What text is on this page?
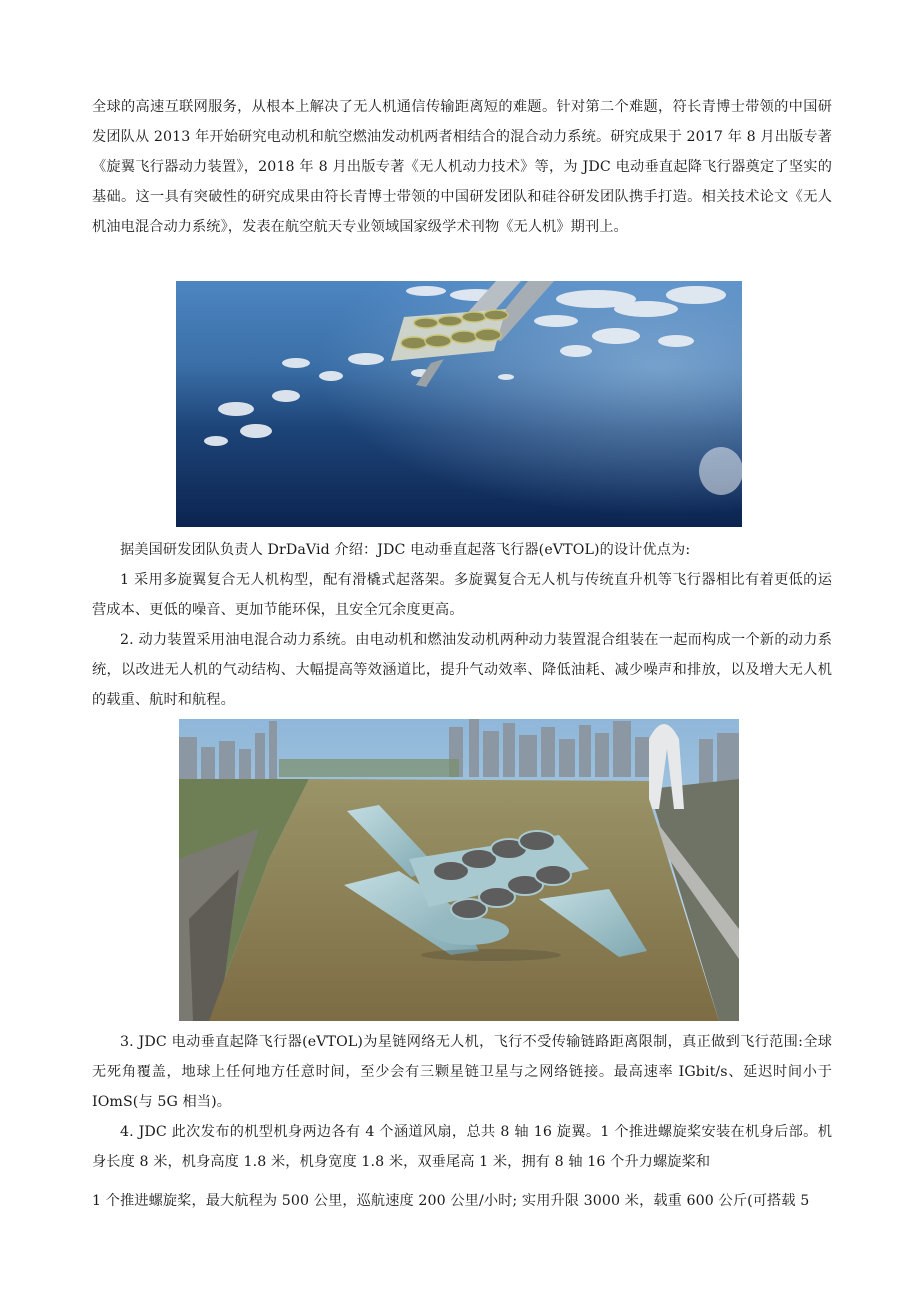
全球的高速互联网服务，从根本上解决了无人机通信传输距离短的难题。针对第二个难题，符长青博士带领的中国研发团队从 2013 年开始研究电动机和航空燃油发动机两者相结合的混合动力系统。研究成果于 2017 年 8 月出版专著《旋翼飞行器动力装置》，2018 年 8 月出版专著《无人机动力技术》等，为 JDC 电动垂直起降飞行器奠定了坚实的基础。这一具有突破性的研究成果由符长青博士带领的中国研发团队和硅谷研发团队携手打造。相关技术论文《无人机油电混合动力系统》，发表在航空航天专业领域国家级学术刊物《无人机》期刊上。

据美国研发团队负责人 DrDaVid 介绍：JDC 电动垂直起落飞行器(eVTOL)的设计优点为:

1 采用多旋翼复合无人机构型，配有滑橇式起落架。多旋翼复合无人机与传统直升机等飞行器相比有着更低的运营成本、更低的噪音、更加节能环保，且安全冗余度更高。

2. 动力装置采用油电混合动力系统。由电动机和燃油发动机两种动力装置混合组装在一起而构成一个新的动力系统，以改进无人机的气动结构、大幅提高等效涵道比，提升气动效率、降低油耗、减少噪声和排放，以及增大无人机的载重、航时和航程。

3. JDC 电动垂直起降飞行器(eVTOL)为星链网络无人机，飞行不受传输链路距离限制，真正做到飞行范围:全球无死角覆盖，地球上任何地方任意时间，至少会有三颗星链卫星与之网络链接。最高速率 IGbit/s、延迟时间小于 IOmS(与 5G 相当)。

4. JDC 此次发布的机型机身两边各有 4 个涵道风扇，总共 8 轴 16 旋翼。1 个推进螺旋桨安装在机身后部。机身长度 8 米，机身高度 1.8 米，机身宽度 1.8 米，双垂尾高 1 米，拥有 8 轴 16 个升力螺旋桨和

1 个推进螺旋桨，最大航程为 500 公里，巡航速度 200 公里/小时; 实用升限 3000 米，载重 600 公斤(可搭载 5
